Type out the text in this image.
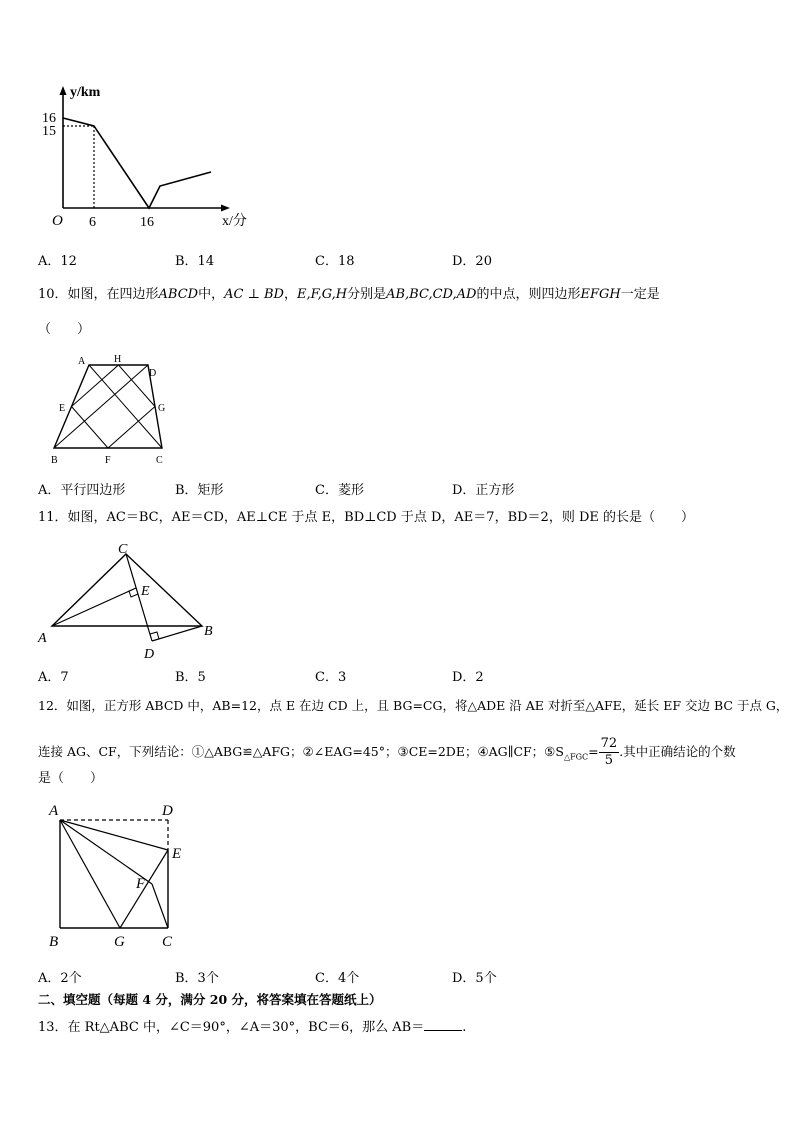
y/km
16
15
O 6	16	x/分
A．12	B．14	C．18	D．20
10．如图，在四边形ABCD中，AC ⊥ BD，E,F,G,H分别是AB,BC,CD,AD的中点，则四边形EFGH一定是
（　　）
A	H
D
E	G
B	F	C
A．平行四边形	B．矩形	C．菱形	D．正方形
11．如图，AC＝BC，AE＝CD，AE⊥CE 于点 E，BD⊥CD 于点 D，AE＝7，BD＝2，则 DE 的长是（　　）
C
E
A	B
D
A．7	B．5	C．3	D．2
12．如图，正方形 ABCD 中，AB=12，点 E 在边 CD 上，且 BG=CG，将△ADE 沿 AE 对折至△AFE，延长 EF 交边 BC 于点 G，
连接 AG、CF，下列结论：①△ABG≌△AFG；②∠EAG=45°；③CE=2DE；④AG∥CF；$⑤S_{\triangle FGC}= \frac{72}{5}$ .其中正确结论的个数
是（　　）
A	D
E
F
B	G C
A．2个	B．3个	C．4个	D．5个
二、填空题（每题 4 分，满分 20 分，将答案填在答题纸上）
13．在 Rt△ABC 中，∠C＝90°，∠A＝30°，BC＝6，那么 AB＝	.
